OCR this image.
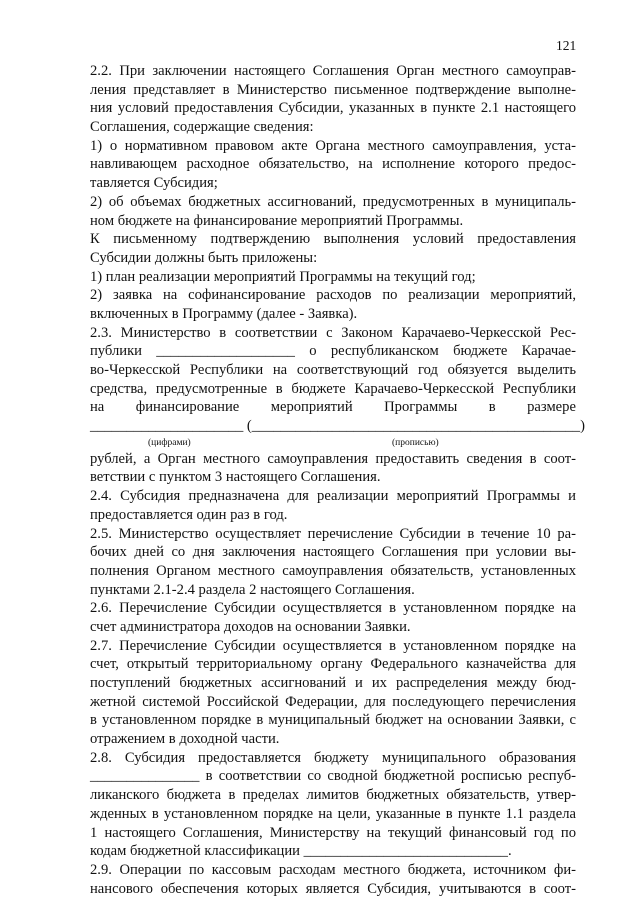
121
2.2. При заключении настоящего Соглашения Орган местного самоуправ-
ления представляет в Министерство письменное подтверждение выполне-
ния условий предоставления Субсидии, указанных в пункте 2.1 настоящего
Соглашения, содержащие сведения:
1) о нормативном правовом акте Органа местного самоуправления, уста-
навливающем расходное обязательство, на исполнение которого предос-
тавляется Субсидия;
2) об объемах бюджетных ассигнований, предусмотренных в муниципаль-
ном бюджете на финансирование мероприятий Программы.
К письменному подтверждению выполнения условий предоставления
Субсидии должны быть приложены:
1) план реализации мероприятий Программы на текущий год;
2) заявка на софинансирование расходов по реализации мероприятий,
включенных в Программу (далее - Заявка).
2.3. Министерство в соответствии с Законом Карачаево-Черкесской Рес-
публики ___________________ о республиканском бюджете Карачае-
во-Черкесской Республики на соответствующий год обязуется выделить
средства, предусмотренные в бюджете Карачаево-Черкесской Республики
на финансирование мероприятий Программы в размере
_____________________ (_____________________________________________)
(цифрами)	(прописью)
рублей, а Орган местного самоуправления предоставить сведения в соот-
ветствии с пунктом 3 настоящего Соглашения.
2.4. Субсидия предназначена для реализации мероприятий Программы и
предоставляется один раз в год.
2.5. Министерство осуществляет перечисление Субсидии в течение 10 ра-
бочих дней со дня заключения настоящего Соглашения при условии вы-
полнения Органом местного самоуправления обязательств, установленных
пунктами 2.1-2.4 раздела 2 настоящего Соглашения.
2.6. Перечисление Субсидии осуществляется в установленном порядке на
счет администратора доходов на основании Заявки.
2.7. Перечисление Субсидии осуществляется в установленном порядке на
счет, открытый территориальному органу Федерального казначейства для
поступлений бюджетных ассигнований и их распределения между бюд-
жетной системой Российской Федерации, для последующего перечисления
в установленном порядке в муниципальный бюджет на основании Заявки, с
отражением в доходной части.
2.8. Субсидия предоставляется бюджету муниципального образования
_______________ в соответствии со сводной бюджетной росписью респуб-
ликанского бюджета в пределах лимитов бюджетных обязательств, утвер-
жденных в установленном порядке на цели, указанные в пункте 1.1 раздела
1 настоящего Соглашения, Министерству на текущий финансовый год по
кодам бюджетной классификации ____________________________.
2.9. Операции по кассовым расходам местного бюджета, источником фи-
нансового обеспечения которых является Субсидия, учитываются в соот-
